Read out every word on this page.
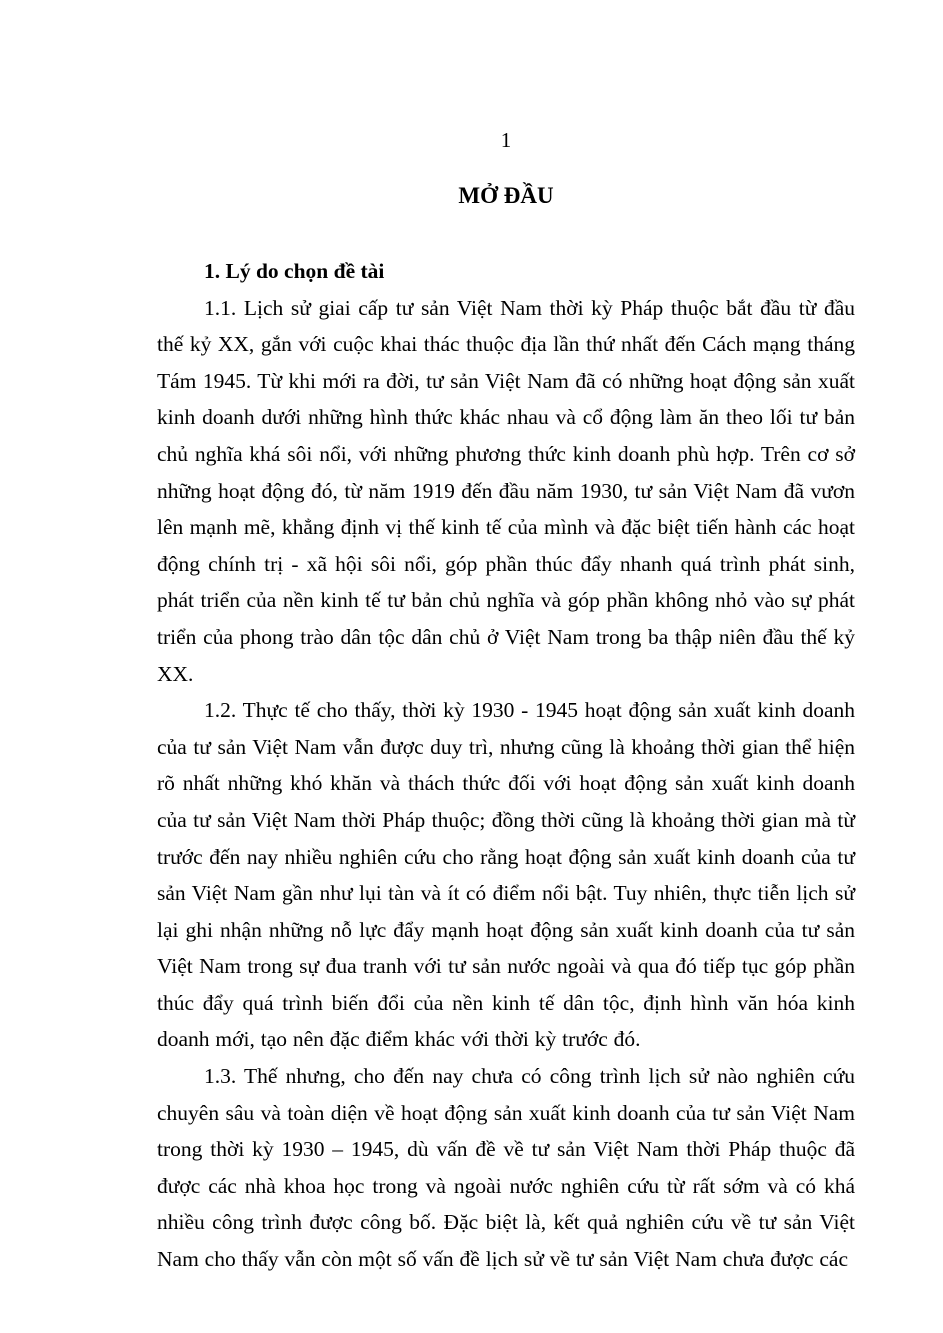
1
MỞ ĐẦU
1. Lý do chọn đề tài

1.1. Lịch sử giai cấp tư sản Việt Nam thời kỳ Pháp thuộc bắt đầu từ đầu thế kỷ XX, gắn với cuộc khai thác thuộc địa lần thứ nhất đến Cách mạng tháng Tám 1945. Từ khi mới ra đời, tư sản Việt Nam đã có những hoạt động sản xuất kinh doanh dưới những hình thức khác nhau và cổ động làm ăn theo lối tư bản chủ nghĩa khá sôi nổi, với những phương thức kinh doanh phù hợp. Trên cơ sở những hoạt động đó, từ năm 1919 đến đầu năm 1930, tư sản Việt Nam đã vươn lên mạnh mẽ, khẳng định vị thế kinh tế của mình và đặc biệt tiến hành các hoạt động chính trị - xã hội sôi nổi, góp phần thúc đẩy nhanh quá trình phát sinh, phát triển của nền kinh tế tư bản chủ nghĩa và góp phần không nhỏ vào sự phát triển của phong trào dân tộc dân chủ ở Việt Nam trong ba thập niên đầu thế kỷ XX.

1.2. Thực tế cho thấy, thời kỳ 1930 - 1945 hoạt động sản xuất kinh doanh của tư sản Việt Nam vẫn được duy trì, nhưng cũng là khoảng thời gian thể hiện rõ nhất những khó khăn và thách thức đối với hoạt động sản xuất kinh doanh của tư sản Việt Nam thời Pháp thuộc; đồng thời cũng là khoảng thời gian mà từ trước đến nay nhiều nghiên cứu cho rằng hoạt động sản xuất kinh doanh của tư sản Việt Nam gần như lụi tàn và ít có điểm nổi bật. Tuy nhiên, thực tiễn lịch sử lại ghi nhận những nỗ lực đẩy mạnh hoạt động sản xuất kinh doanh của tư sản Việt Nam trong sự đua tranh với tư sản nước ngoài và qua đó tiếp tục góp phần thúc đẩy quá trình biến đổi của nền kinh tế dân tộc, định hình văn hóa kinh doanh mới, tạo nên đặc điểm khác với thời kỳ trước đó.

1.3. Thế nhưng, cho đến nay chưa có công trình lịch sử nào nghiên cứu chuyên sâu và toàn diện về hoạt động sản xuất kinh doanh của tư sản Việt Nam trong thời kỳ 1930 – 1945, dù vấn đề về tư sản Việt Nam thời Pháp thuộc đã được các nhà khoa học trong và ngoài nước nghiên cứu từ rất sớm và có khá nhiều công trình được công bố. Đặc biệt là, kết quả nghiên cứu về tư sản Việt Nam cho thấy vẫn còn một số vấn đề lịch sử về tư sản Việt Nam chưa được các
